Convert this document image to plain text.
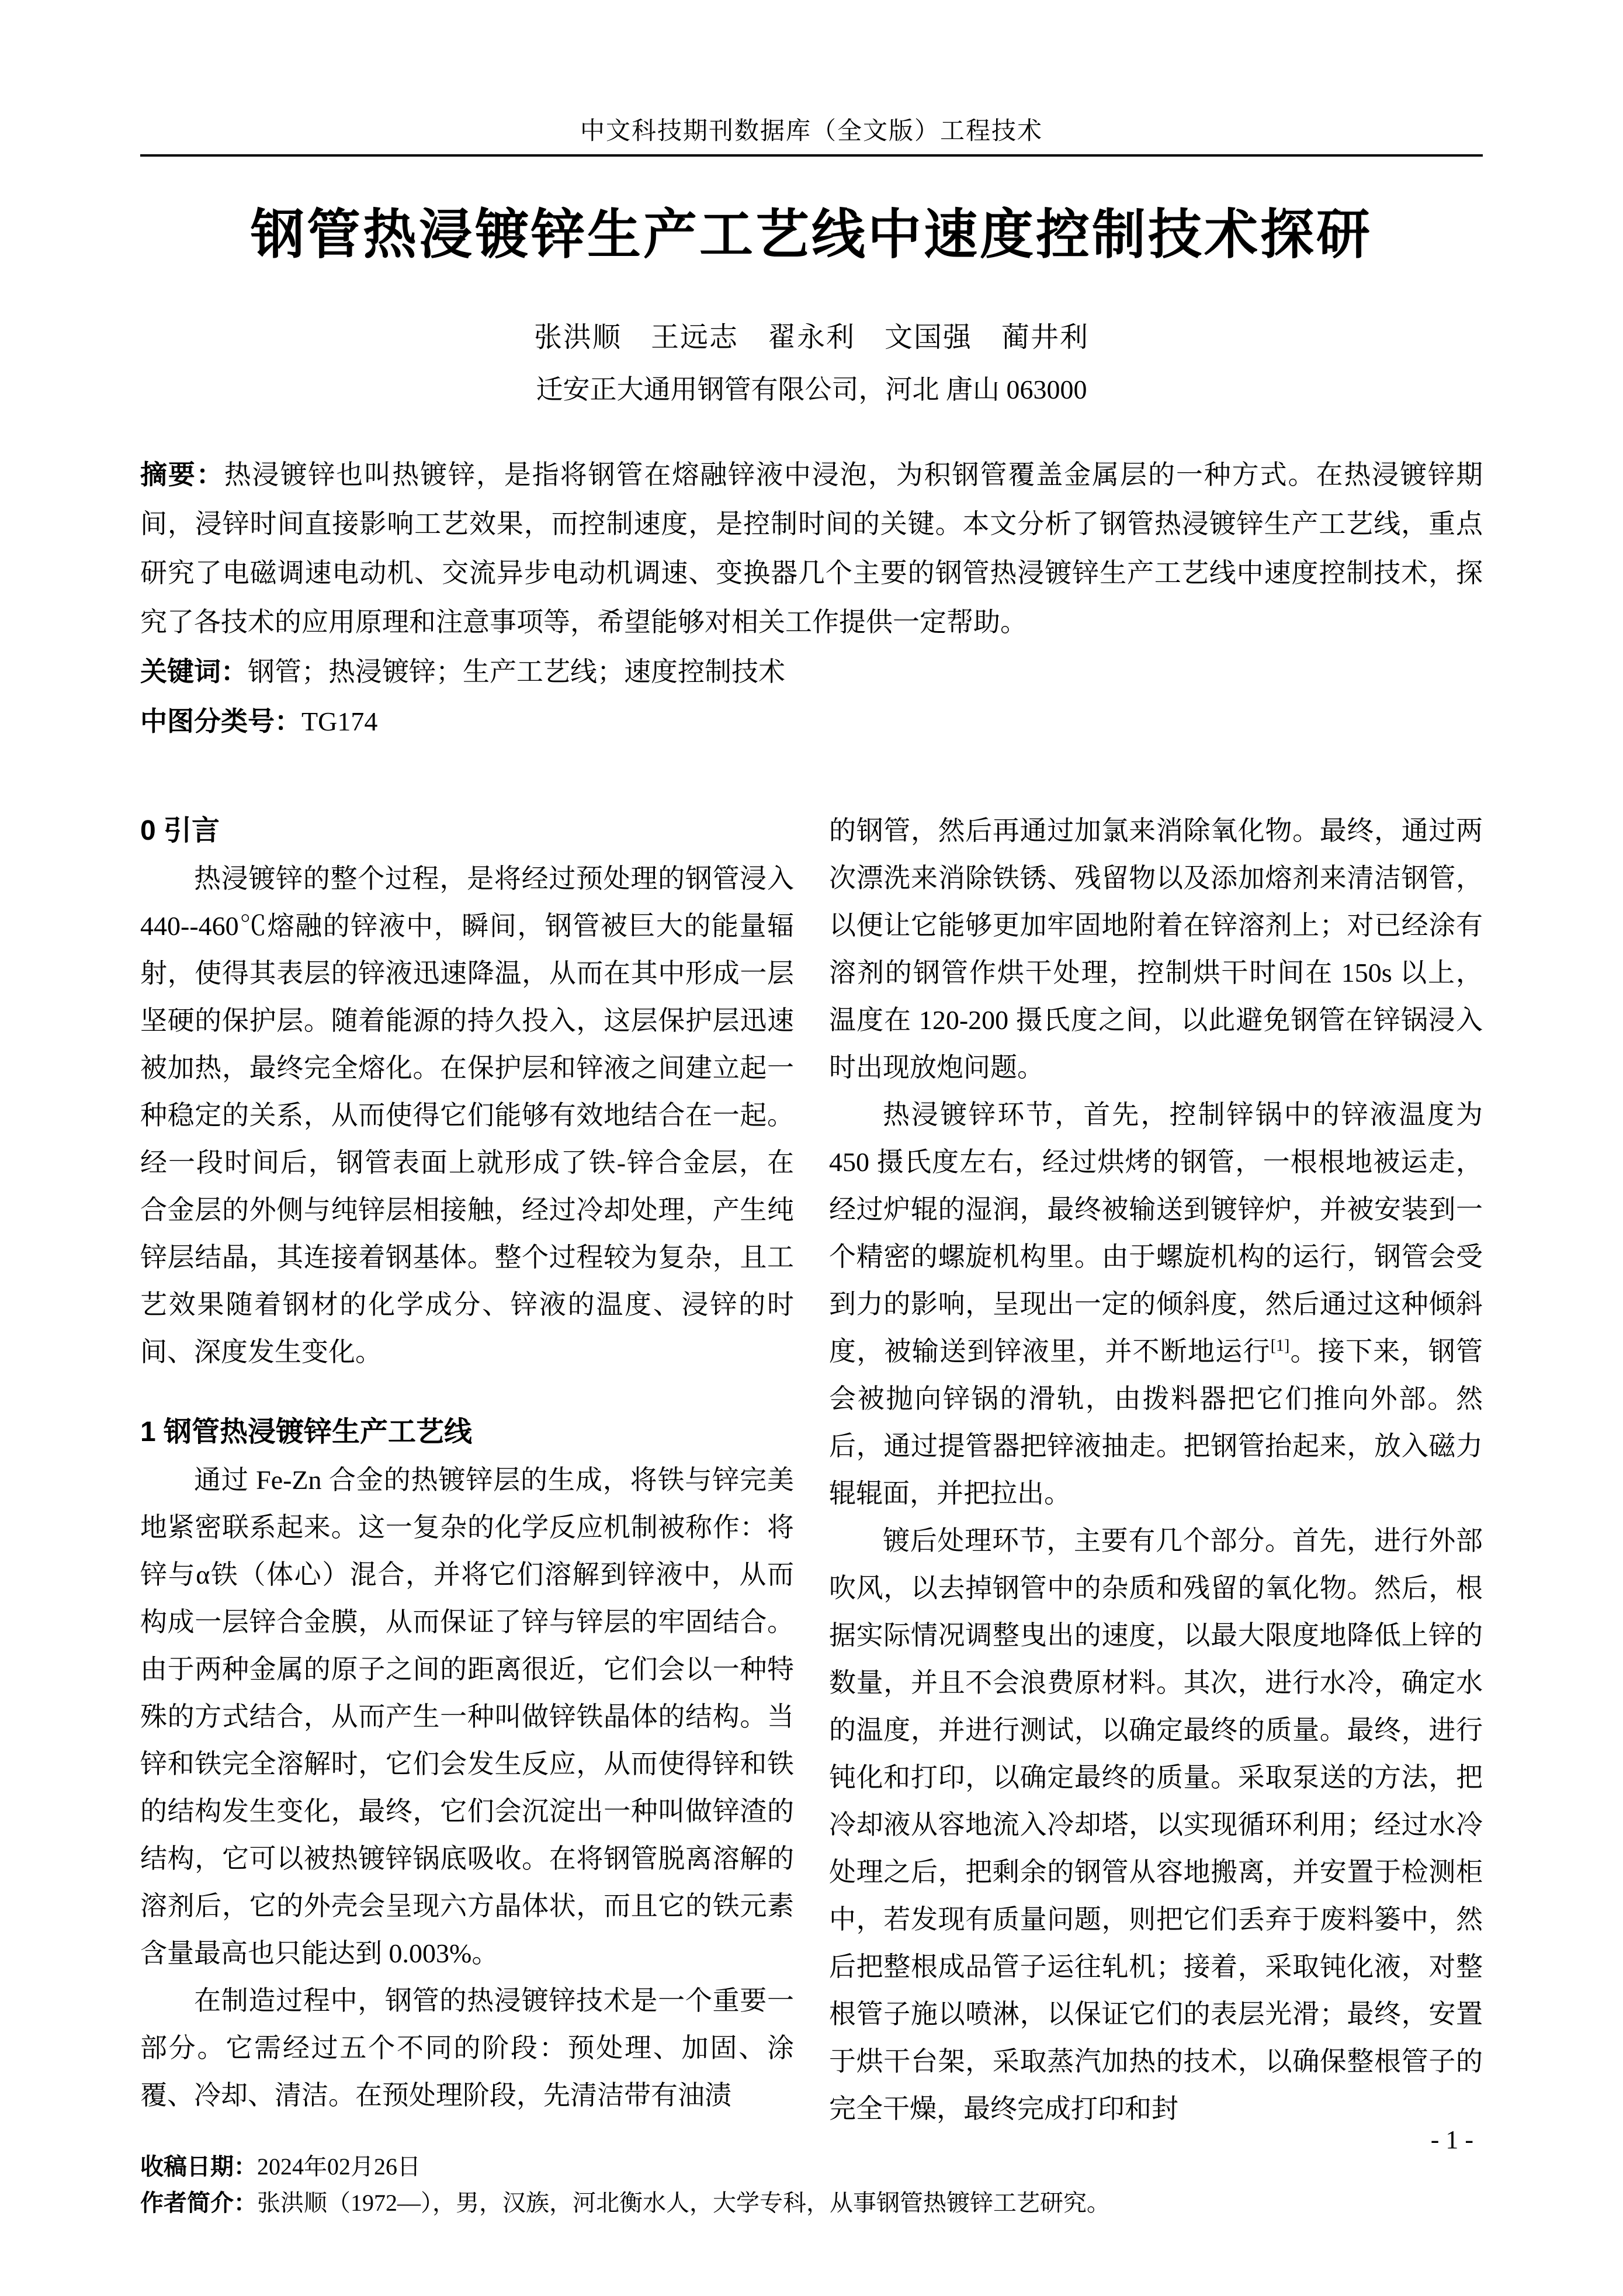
中文科技期刊数据库（全文版）工程技术
钢管热浸镀锌生产工艺线中速度控制技术探研
张洪顺　王远志　翟永利　文国强　蔺井利
迁安正大通用钢管有限公司，河北 唐山 063000

摘要：热浸镀锌也叫热镀锌，是指将钢管在熔融锌液中浸泡，为积钢管覆盖金属层的一种方式。在热浸镀锌期间，浸锌时间直接影响工艺效果，而控制速度，是控制时间的关键。本文分析了钢管热浸镀锌生产工艺线，重点研究了电磁调速电动机、交流异步电动机调速、变换器几个主要的钢管热浸镀锌生产工艺线中速度控制技术，探究了各技术的应用原理和注意事项等，希望能够对相关工作提供一定帮助。

关键词：钢管；热浸镀锌；生产工艺线；速度控制技术

中图分类号：TG174

0 引言

热浸镀锌的整个过程，是将经过预处理的钢管浸入 440--460℃熔融的锌液中，瞬间，钢管被巨大的能量辐射，使得其表层的锌液迅速降温，从而在其中形成一层坚硬的保护层。随着能源的持久投入，这层保护层迅速被加热，最终完全熔化。在保护层和锌液之间建立起一种稳定的关系，从而使得它们能够有效地结合在一起。经一段时间后，钢管表面上就形成了铁-锌合金层，在合金层的外侧与纯锌层相接触，经过冷却处理，产生纯锌层结晶，其连接着钢基体。整个过程较为复杂，且工艺效果随着钢材的化学成分、锌液的温度、浸锌的时间、深度发生变化。

1 钢管热浸镀锌生产工艺线

通过 Fe-Zn 合金的热镀锌层的生成，将铁与锌完美地紧密联系起来。这一复杂的化学反应机制被称作：将锌与α铁（体心）混合，并将它们溶解到锌液中，从而构成一层锌合金膜，从而保证了锌与锌层的牢固结合。由于两种金属的原子之间的距离很近，它们会以一种特殊的方式结合，从而产生一种叫做锌铁晶体的结构。当锌和铁完全溶解时，它们会发生反应，从而使得锌和铁的结构发生变化，最终，它们会沉淀出一种叫做锌渣的结构，它可以被热镀锌锅底吸收。在将钢管脱离溶解的溶剂后，它的外壳会呈现六方晶体状，而且它的铁元素含量最高也只能达到 0.003%。

在制造过程中，钢管的热浸镀锌技术是一个重要一部分。它需经过五个不同的阶段：预处理、加固、涂覆、冷却、清洁。在预处理阶段，先清洁带有油渍

的钢管，然后再通过加氯来消除氧化物。最终，通过两次漂洗来消除铁锈、残留物以及添加熔剂来清洁钢管，以便让它能够更加牢固地附着在锌溶剂上；对已经涂有溶剂的钢管作烘干处理，控制烘干时间在 150s 以上，温度在 120-200 摄氏度之间，以此避免钢管在锌锅浸入时出现放炮问题。

热浸镀锌环节，首先，控制锌锅中的锌液温度为 450 摄氏度左右，经过烘烤的钢管，一根根地被运走，经过炉辊的湿润，最终被输送到镀锌炉，并被安装到一个精密的螺旋机构里。由于螺旋机构的运行，钢管会受到力的影响，呈现出一定的倾斜度，然后通过这种倾斜度，被输送到锌液里，并不断地运行[1]。接下来，钢管会被抛向锌锅的滑轨，由拨料器把它们推向外部。然后，通过提管器把锌液抽走。把钢管抬起来，放入磁力辊辊面，并把拉出。

镀后处理环节，主要有几个部分。首先，进行外部吹风，以去掉钢管中的杂质和残留的氧化物。然后，根据实际情况调整曳出的速度，以最大限度地降低上锌的数量，并且不会浪费原材料。其次，进行水冷，确定水的温度，并进行测试，以确定最终的质量。最终，进行钝化和打印，以确定最终的质量。采取泵送的方法，把冷却液从容地流入冷却塔，以实现循环利用；经过水冷处理之后，把剩余的钢管从容地搬离，并安置于检测柜中，若发现有质量问题，则把它们丢弃于废料篓中，然后把整根成品管子运往轧机；接着，采取钝化液，对整根管子施以喷淋，以保证它们的表层光滑；最终，安置于烘干台架，采取蒸汽加热的技术，以确保整根管子的完全干燥，最终完成打印和封

收稿日期：2024年02月26日
作者简介：张洪顺（1972—），男，汉族，河北衡水人，大学专科，从事钢管热镀锌工艺研究。
- 1 -
